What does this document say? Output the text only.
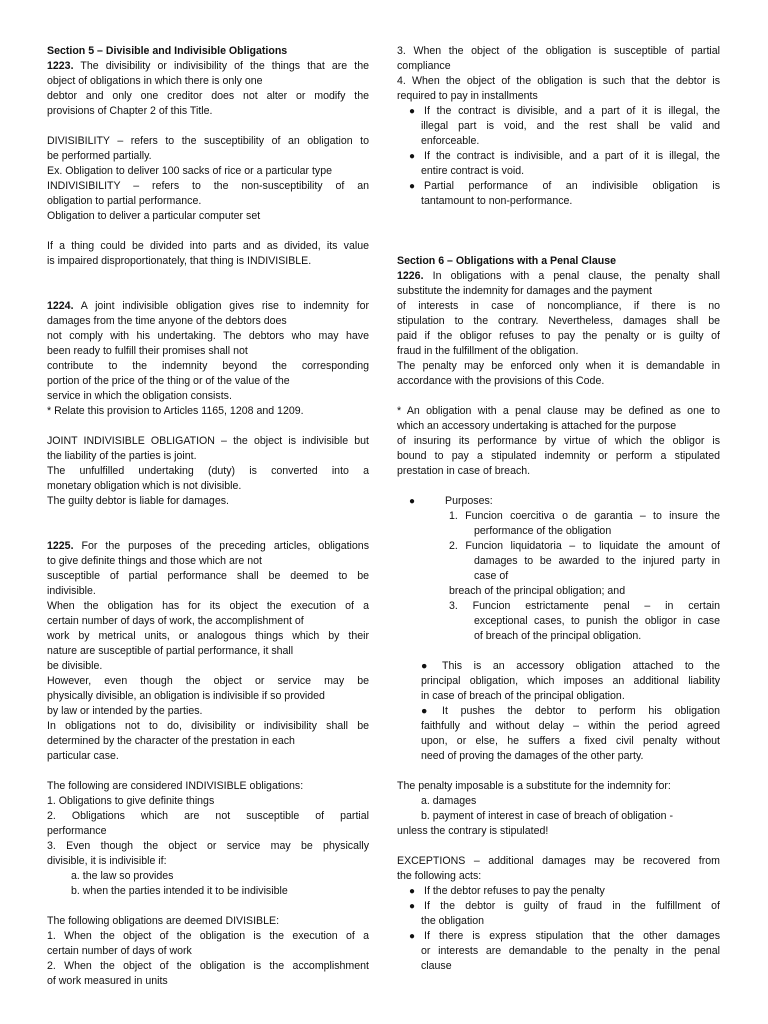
Section 5 – Divisible and Indivisible Obligations

1223. The divisibility or indivisibility of the things that are the

object of obligations in which there is only one

debtor and only one creditor does not alter or modify the

provisions of Chapter 2 of this Title.

DIVISIBILITY – refers to the susceptibility of an obligation to

be performed partially.

Ex. Obligation to deliver 100 sacks of rice or a particular type

INDIVISIBILITY – refers to the non-susceptibility of an

obligation to partial performance.

Obligation to deliver a particular computer set

If a thing could be divided into parts and as divided, its value

is impaired disproportionately, that thing is INDIVISIBLE.

1224. A joint indivisible obligation gives rise to indemnity for

damages from the time anyone of the debtors does

not comply with his undertaking. The debtors who may have

been ready to fulfill their promises shall not

contribute to the indemnity beyond the corresponding

portion of the price of the thing or of the value of the

service in which the obligation consists.

* Relate this provision to Articles 1165, 1208 and 1209.

JOINT INDIVISIBLE OBLIGATION – the object is indivisible but

the liability of the parties is joint.

The unfulfilled undertaking (duty) is converted into a

monetary obligation which is not divisible.

The guilty debtor is liable for damages.

1225. For the purposes of the preceding articles, obligations

to give definite things and those which are not

susceptible of partial performance shall be deemed to be

indivisible.

When the obligation has for its object the execution of a

certain number of days of work, the accomplishment of

work by metrical units, or analogous things which by their

nature are susceptible of partial performance, it shall

be divisible.

However, even though the object or service may be

physically divisible, an obligation is indivisible if so provided

by law or intended by the parties.

In obligations not to do, divisibility or indivisibility shall be

determined by the character of the prestation in each

particular case.

The following are considered INDIVISIBLE obligations:

1. Obligations to give definite things

2. Obligations which are not susceptible of partial

performance

3. Even though the object or service may be physically

divisible, it is indivisible if:

a. the law so provides

b. when the parties intended it to be indivisible

The following obligations are deemed DIVISIBLE:

1. When the object of the obligation is the execution of a

certain number of days of work

2. When the object of the obligation is the accomplishment

of work measured in units

3. When the object of the obligation is susceptible of partial

compliance

4. When the object of the obligation is such that the debtor is

required to pay in installments

● If the contract is divisible, and a part of it is illegal, the

illegal part is void, and the rest shall be valid and

enforceable.

● If the contract is indivisible, and a part of it is illegal, the

entire contract is void.

● Partial performance of an indivisible obligation is

tantamount to non-performance.

Section 6 – Obligations with a Penal Clause

1226. In obligations with a penal clause, the penalty shall

substitute the indemnity for damages and the payment

of interests in case of noncompliance, if there is no

stipulation to the contrary. Nevertheless, damages shall be

paid if the obligor refuses to pay the penalty or is guilty of

fraud in the fulfillment of the obligation.

The penalty may be enforced only when it is demandable in

accordance with the provisions of this Code.

* An obligation with a penal clause may be defined as one to

which an accessory undertaking is attached for the purpose

of insuring its performance by virtue of which the obligor is

bound to pay a stipulated indemnity or perform a stipulated

prestation in case of breach.

● Purposes:

1. Funcion coercitiva o de garantia – to insure the

performance of the obligation

2. Funcion liquidatoria – to liquidate the amount of

damages to be awarded to the injured party in

case of

breach of the principal obligation; and

3. Funcion estrictamente penal – in certain

exceptional cases, to punish the obligor in case

of breach of the principal obligation.

● This is an accessory obligation attached to the

principal obligation, which imposes an additional liability

in case of breach of the principal obligation.

● It pushes the debtor to perform his obligation

faithfully and without delay – within the period agreed

upon, or else, he suffers a fixed civil penalty without

need of proving the damages of the other party.

The penalty imposable is a substitute for the indemnity for:

a. damages

b. payment of interest in case of breach of obligation -

unless the contrary is stipulated!

EXCEPTIONS – additional damages may be recovered from

the following acts:

● If the debtor refuses to pay the penalty

● If the debtor is guilty of fraud in the fulfillment of

the obligation

● If there is express stipulation that the other damages

or interests are demandable to the penalty in the penal

clause
